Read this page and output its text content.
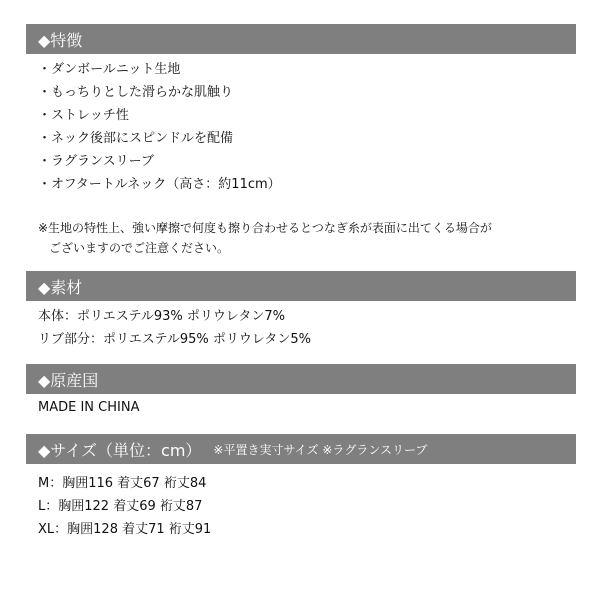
◆特徴
・ダンボールニット生地
・もっちりとした滑らかな肌触り
・ストレッチ性
・ネック後部にスピンドルを配備
・ラグランスリーブ
・オフタートルネック（高さ：約11cm）
※生地の特性上、強い摩擦で何度も擦り合わせるとつなぎ糸が表面に出てくる場合が
ございますのでご注意ください。
◆素材
本体：ポリエステル93% ポリウレタン7%
リブ部分：ポリエステル95% ポリウレタン5%
◆原産国
MADE IN CHINA
◆サイズ（単位：cm） ※平置き実寸サイズ ※ラグランスリーブ
M：胸囲116 着丈67 裄丈84
L：胸囲122 着丈69 裄丈87
XL：胸囲128 着丈71 裄丈91
